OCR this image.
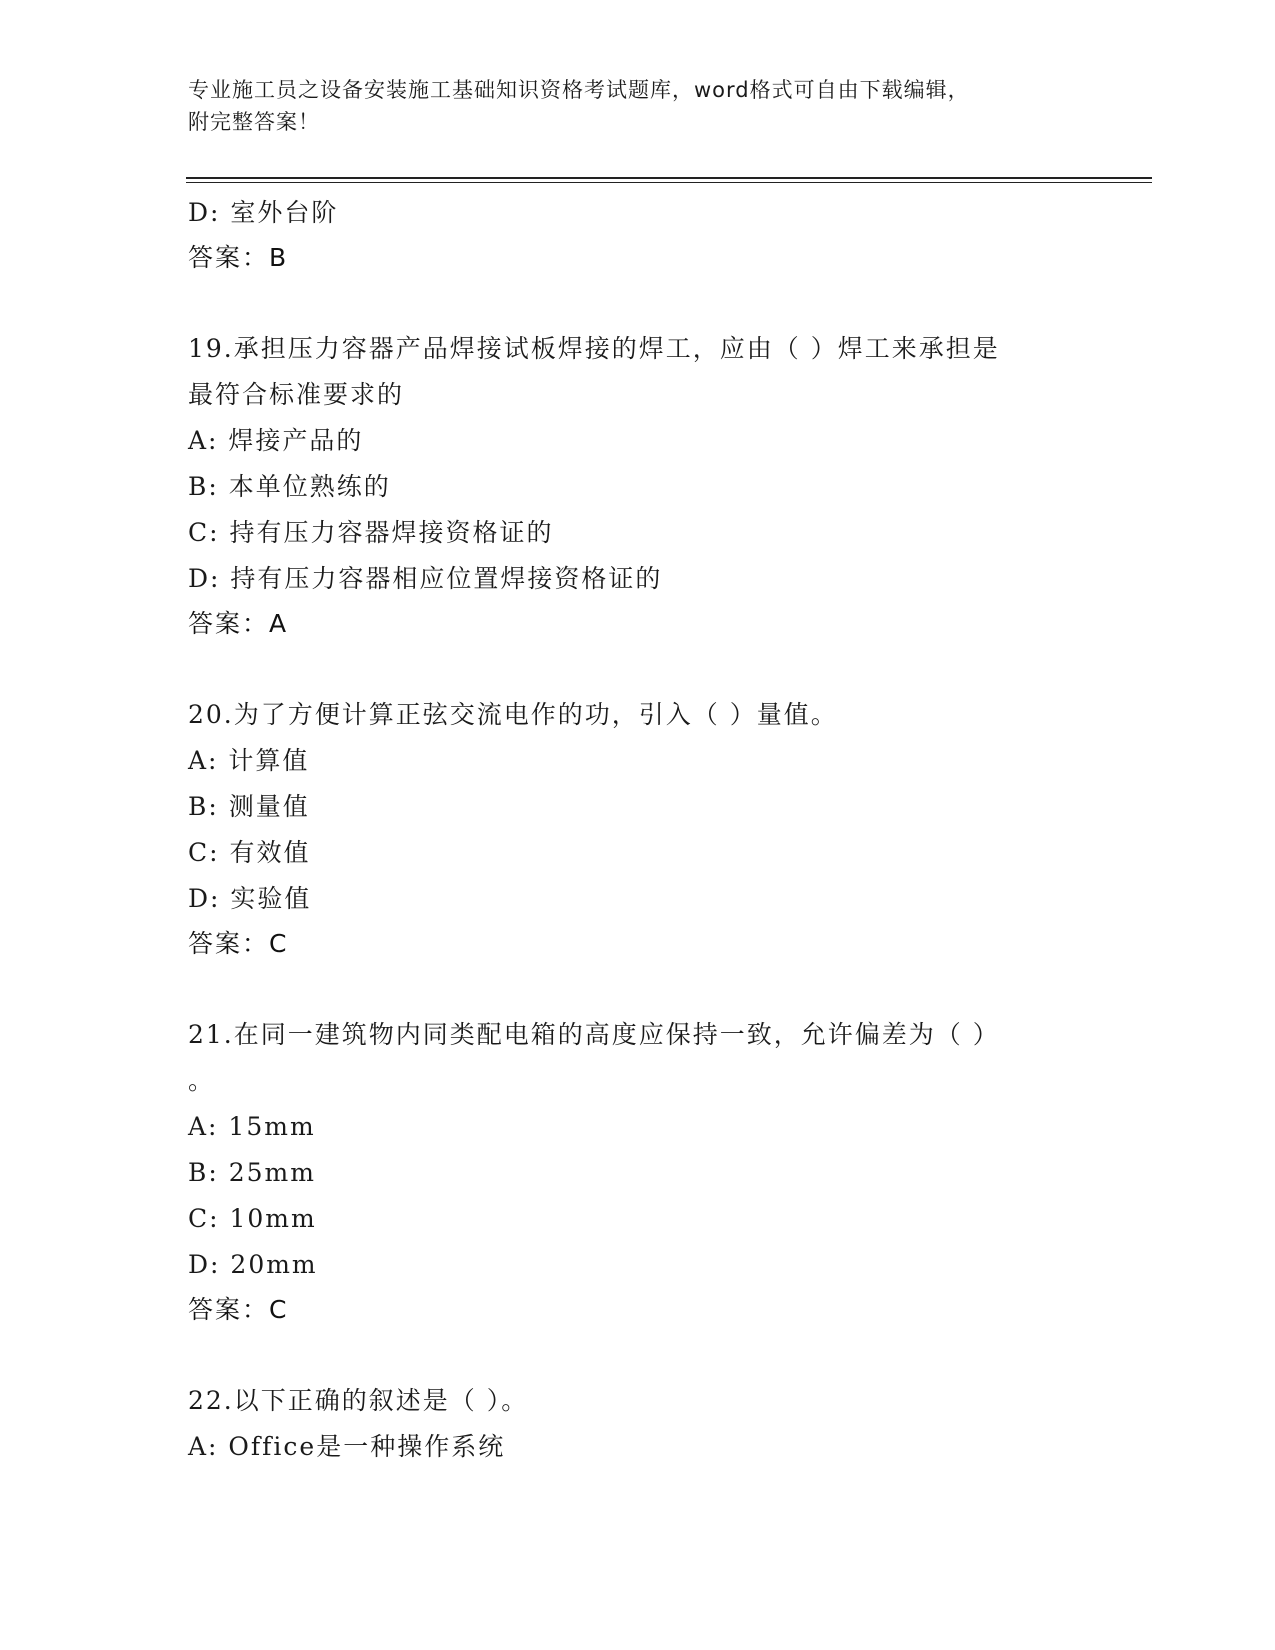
专业施工员之设备安装施工基础知识资格考试题库，word格式可自由下载编辑，
附完整答案！
D: 室外台阶
答案：B
19.承担压力容器产品焊接试板焊接的焊工，应由（ ）焊工来承担是
最符合标准要求的
A: 焊接产品的
B: 本单位熟练的
C: 持有压力容器焊接资格证的
D: 持有压力容器相应位置焊接资格证的
答案：A
20.为了方便计算正弦交流电作的功，引入（ ）量值。
A: 计算值
B: 测量值
C: 有效值
D: 实验值
答案：C
21.在同一建筑物内同类配电箱的高度应保持一致，允许偏差为（ ）
。
A: 15mm
B: 25mm
C: 10mm
D: 20mm
答案：C
22.以下正确的叙述是（ ）。
A: Office是一种操作系统
